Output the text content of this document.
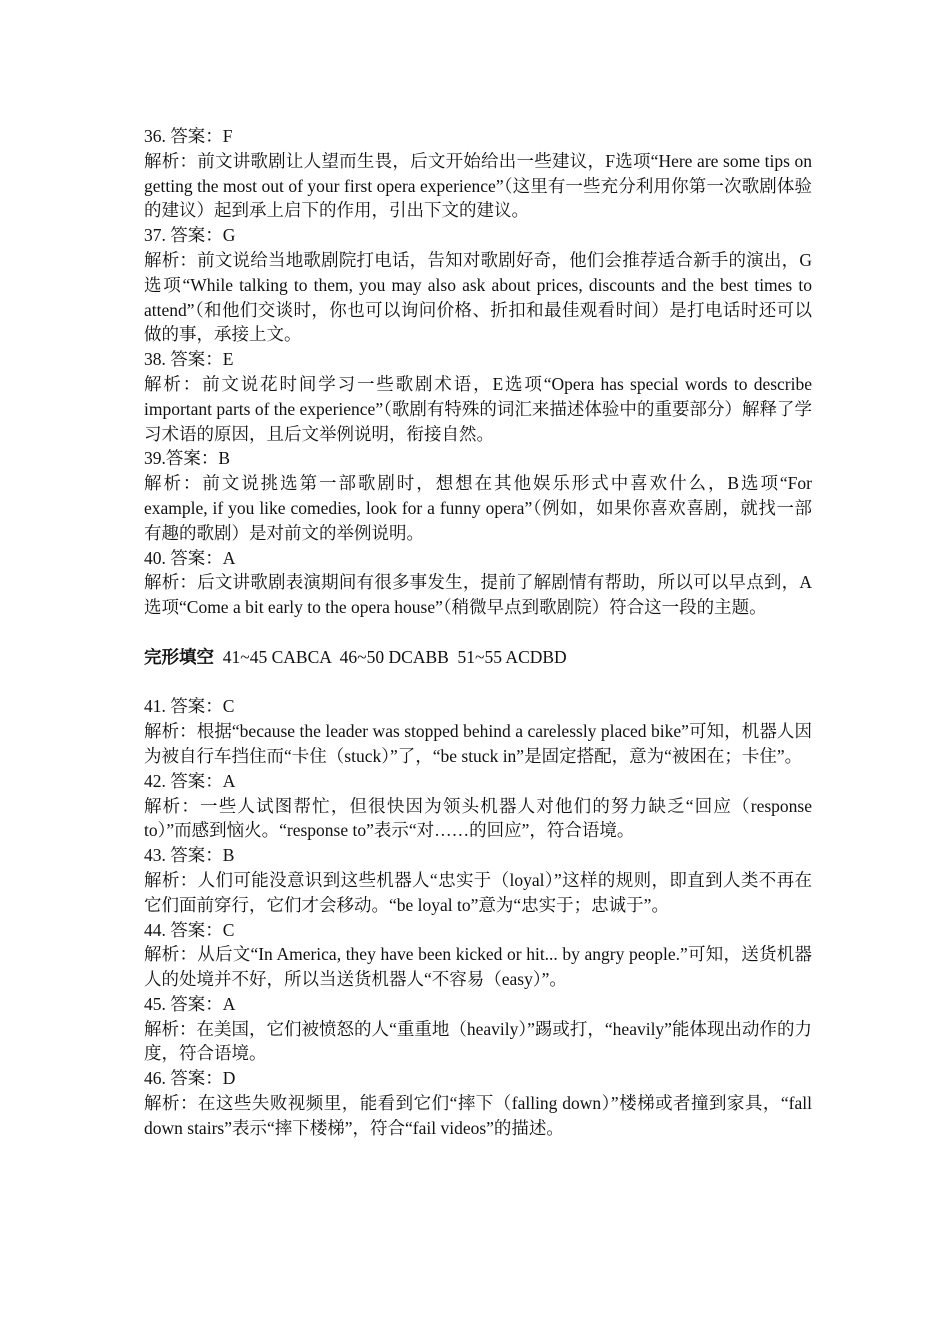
36. 答案：F

解析：前文讲歌剧让人望而生畏，后文开始给出一些建议，F选项“Here are some tips on getting the most out of your first opera experience”（这里有一些充分利用你第一次歌剧体验的建议）起到承上启下的作用，引出下文的建议。

37. 答案：G

解析：前文说给当地歌剧院打电话，告知对歌剧好奇，他们会推荐适合新手的演出，G选项“While talking to them, you may also ask about prices, discounts and the best times to attend”（和他们交谈时，你也可以询问价格、折扣和最佳观看时间）是打电话时还可以做的事，承接上文。

38. 答案：E

解析：前文说花时间学习一些歌剧术语，E选项“Opera has special words to describe important parts of the experience”（歌剧有特殊的词汇来描述体验中的重要部分）解释了学习术语的原因，且后文举例说明，衔接自然。

39.答案：B

解析：前文说挑选第一部歌剧时，想想在其他娱乐形式中喜欢什么，B选项“For example, if you like comedies, look for a funny opera”（例如，如果你喜欢喜剧，就找一部有趣的歌剧）是对前文的举例说明。

40. 答案：A

解析：后文讲歌剧表演期间有很多事发生，提前了解剧情有帮助，所以可以早点到，A选项“Come a bit early to the opera house”（稍微早点到歌剧院）符合这一段的主题。

完形填空  41~45 CABCA  46~50 DCABB  51~55 ACDBD

41. 答案：C

解析：根据“because the leader was stopped behind a carelessly placed bike”可知，机器人因为被自行车挡住而“卡住（stuck）”了，“be stuck in”是固定搭配，意为“被困在；卡住”。

42. 答案：A

解析：一些人试图帮忙，但很快因为领头机器人对他们的努力缺乏“回应（response to）”而感到恼火。“response to”表示“对……的回应”，符合语境。

43. 答案：B

解析：人们可能没意识到这些机器人“忠实于（loyal）”这样的规则，即直到人类不再在它们面前穿行，它们才会移动。“be loyal to”意为“忠实于；忠诚于”。

44. 答案：C

解析：从后文“In America, they have been kicked or hit... by angry people.”可知，送货机器人的处境并不好，所以当送货机器人“不容易（easy）”。

45. 答案：A

解析：在美国，它们被愤怒的人“重重地（heavily）”踢或打，“heavily”能体现出动作的力度，符合语境。

46. 答案：D

解析：在这些失败视频里，能看到它们“摔下（falling down）”楼梯或者撞到家具，“fall down stairs”表示“摔下楼梯”，符合“fail videos”的描述。
